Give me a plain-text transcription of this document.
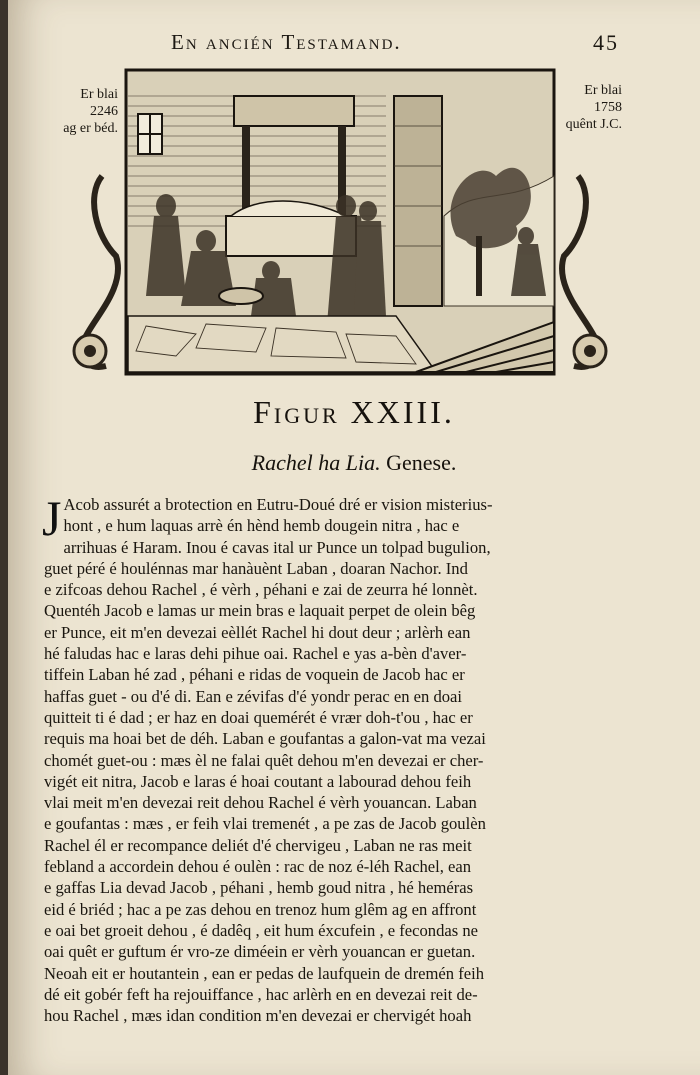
En ancién Testamand.	45
Er blai
2246
ag er béd.
Er blai
1758
quênt J.C.
Figur XXIII.
Rachel ha Lia. Genese.
J Acob assurét a brotection en Eutru-Doué dré er vision misterius-
hont , e hum laquas arrè én hènd hemb dougein nitra , hac e
arrihuas é Haram. Inou é cavas ital ur Punce un tolpad bugulion,
guet péré é houlénnas mar hanàuènt Laban , doaran Nachor. Ind
e zifcoas dehou Rachel , é vèrh , péhani e zai de zeurra hé lonnèt.
Quentéh Jacob e lamas ur mein bras e laquait perpet de olein bêg
er Punce, eit m'en devezai eèllét Rachel hi dout deur ; arlèrh ean
hé faludas hac e laras dehi pihue oai. Rachel e yas a-bèn d'aver-
tiffein Laban hé zad , péhani e ridas de voquein de Jacob hac er
haffas guet - ou d'é di. Ean e zévifas d'é yondr perac en en doai
quitteit ti é dad ; er haz en doai quemérét é vrær doh-t'ou , hac er
requis ma hoai bet de déh. Laban e goufantas a galon-vat ma vezai
chomét guet-ou : mæs èl ne falai quêt dehou m'en devezai er cher-
vigét eit nitra, Jacob e laras é hoai coutant a labourad dehou feih
vlai meit m'en devezai reit dehou Rachel é vèrh youancan. Laban
e goufantas : mæs , er feih vlai tremenét , a pe zas de Jacob goulèn
Rachel él er recompance deliét d'é chervigeu , Laban ne ras meit
febland a accordein dehou é oulèn : rac de noz é-léh Rachel, ean
e gaffas Lia devad Jacob , péhani , hemb goud nitra , hé heméras
eid é briéd ; hac a pe zas dehou en trenoz hum glêm ag en affront
e oai bet groeit dehou , é dadêq , eit hum éxcufein , e fecondas ne
oai quêt er guftum ér vro-ze diméein er vèrh youancan er guetan.
Neoah eit er houtantein , ean er pedas de laufquein de dremén feih
dé eit gobér feft ha rejouiffance , hac arlèrh en en devezai reit de-
hou Rachel , mæs idan condition m'en devezai er chervigét hoah
